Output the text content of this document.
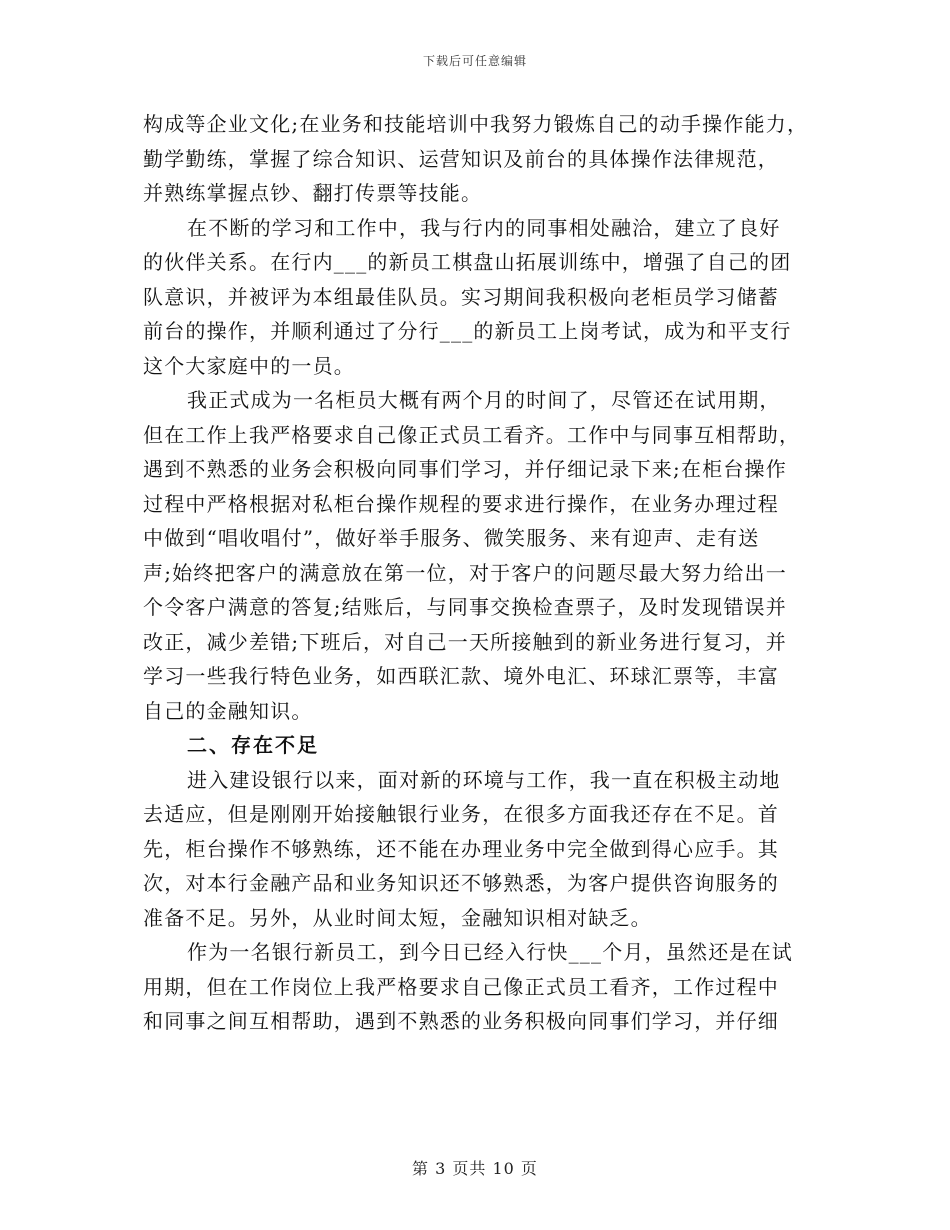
下载后可任意编辑
构成等企业文化;在业务和技能培训中我努力锻炼自己的动手操作能力，
勤学勤练，掌握了综合知识、运营知识及前台的具体操作法律规范，
并熟练掌握点钞、翻打传票等技能。
在不断的学习和工作中，我与行内的同事相处融洽，建立了良好
的伙伴关系。在行内___的新员工棋盘山拓展训练中，增强了自己的团
队意识，并被评为本组最佳队员。实习期间我积极向老柜员学习储蓄
前台的操作，并顺利通过了分行___的新员工上岗考试，成为和平支行
这个大家庭中的一员。
我正式成为一名柜员大概有两个月的时间了，尽管还在试用期，
但在工作上我严格要求自己像正式员工看齐。工作中与同事互相帮助，
遇到不熟悉的业务会积极向同事们学习，并仔细记录下来;在柜台操作
过程中严格根据对私柜台操作规程的要求进行操作，在业务办理过程
中做到“唱收唱付”，做好举手服务、微笑服务、来有迎声、走有送
声;始终把客户的满意放在第一位，对于客户的问题尽最大努力给出一
个令客户满意的答复;结账后，与同事交换检查票子，及时发现错误并
改正，减少差错;下班后，对自己一天所接触到的新业务进行复习，并
学习一些我行特色业务，如西联汇款、境外电汇、环球汇票等，丰富
自己的金融知识。
二、存在不足
进入建设银行以来，面对新的环境与工作，我一直在积极主动地
去适应，但是刚刚开始接触银行业务，在很多方面我还存在不足。首
先，柜台操作不够熟练，还不能在办理业务中完全做到得心应手。其
次，对本行金融产品和业务知识还不够熟悉，为客户提供咨询服务的
准备不足。另外，从业时间太短，金融知识相对缺乏。
作为一名银行新员工，到今日已经入行快___个月，虽然还是在试
用期，但在工作岗位上我严格要求自己像正式员工看齐，工作过程中
和同事之间互相帮助，遇到不熟悉的业务积极向同事们学习，并仔细
第 3 页共 10 页
